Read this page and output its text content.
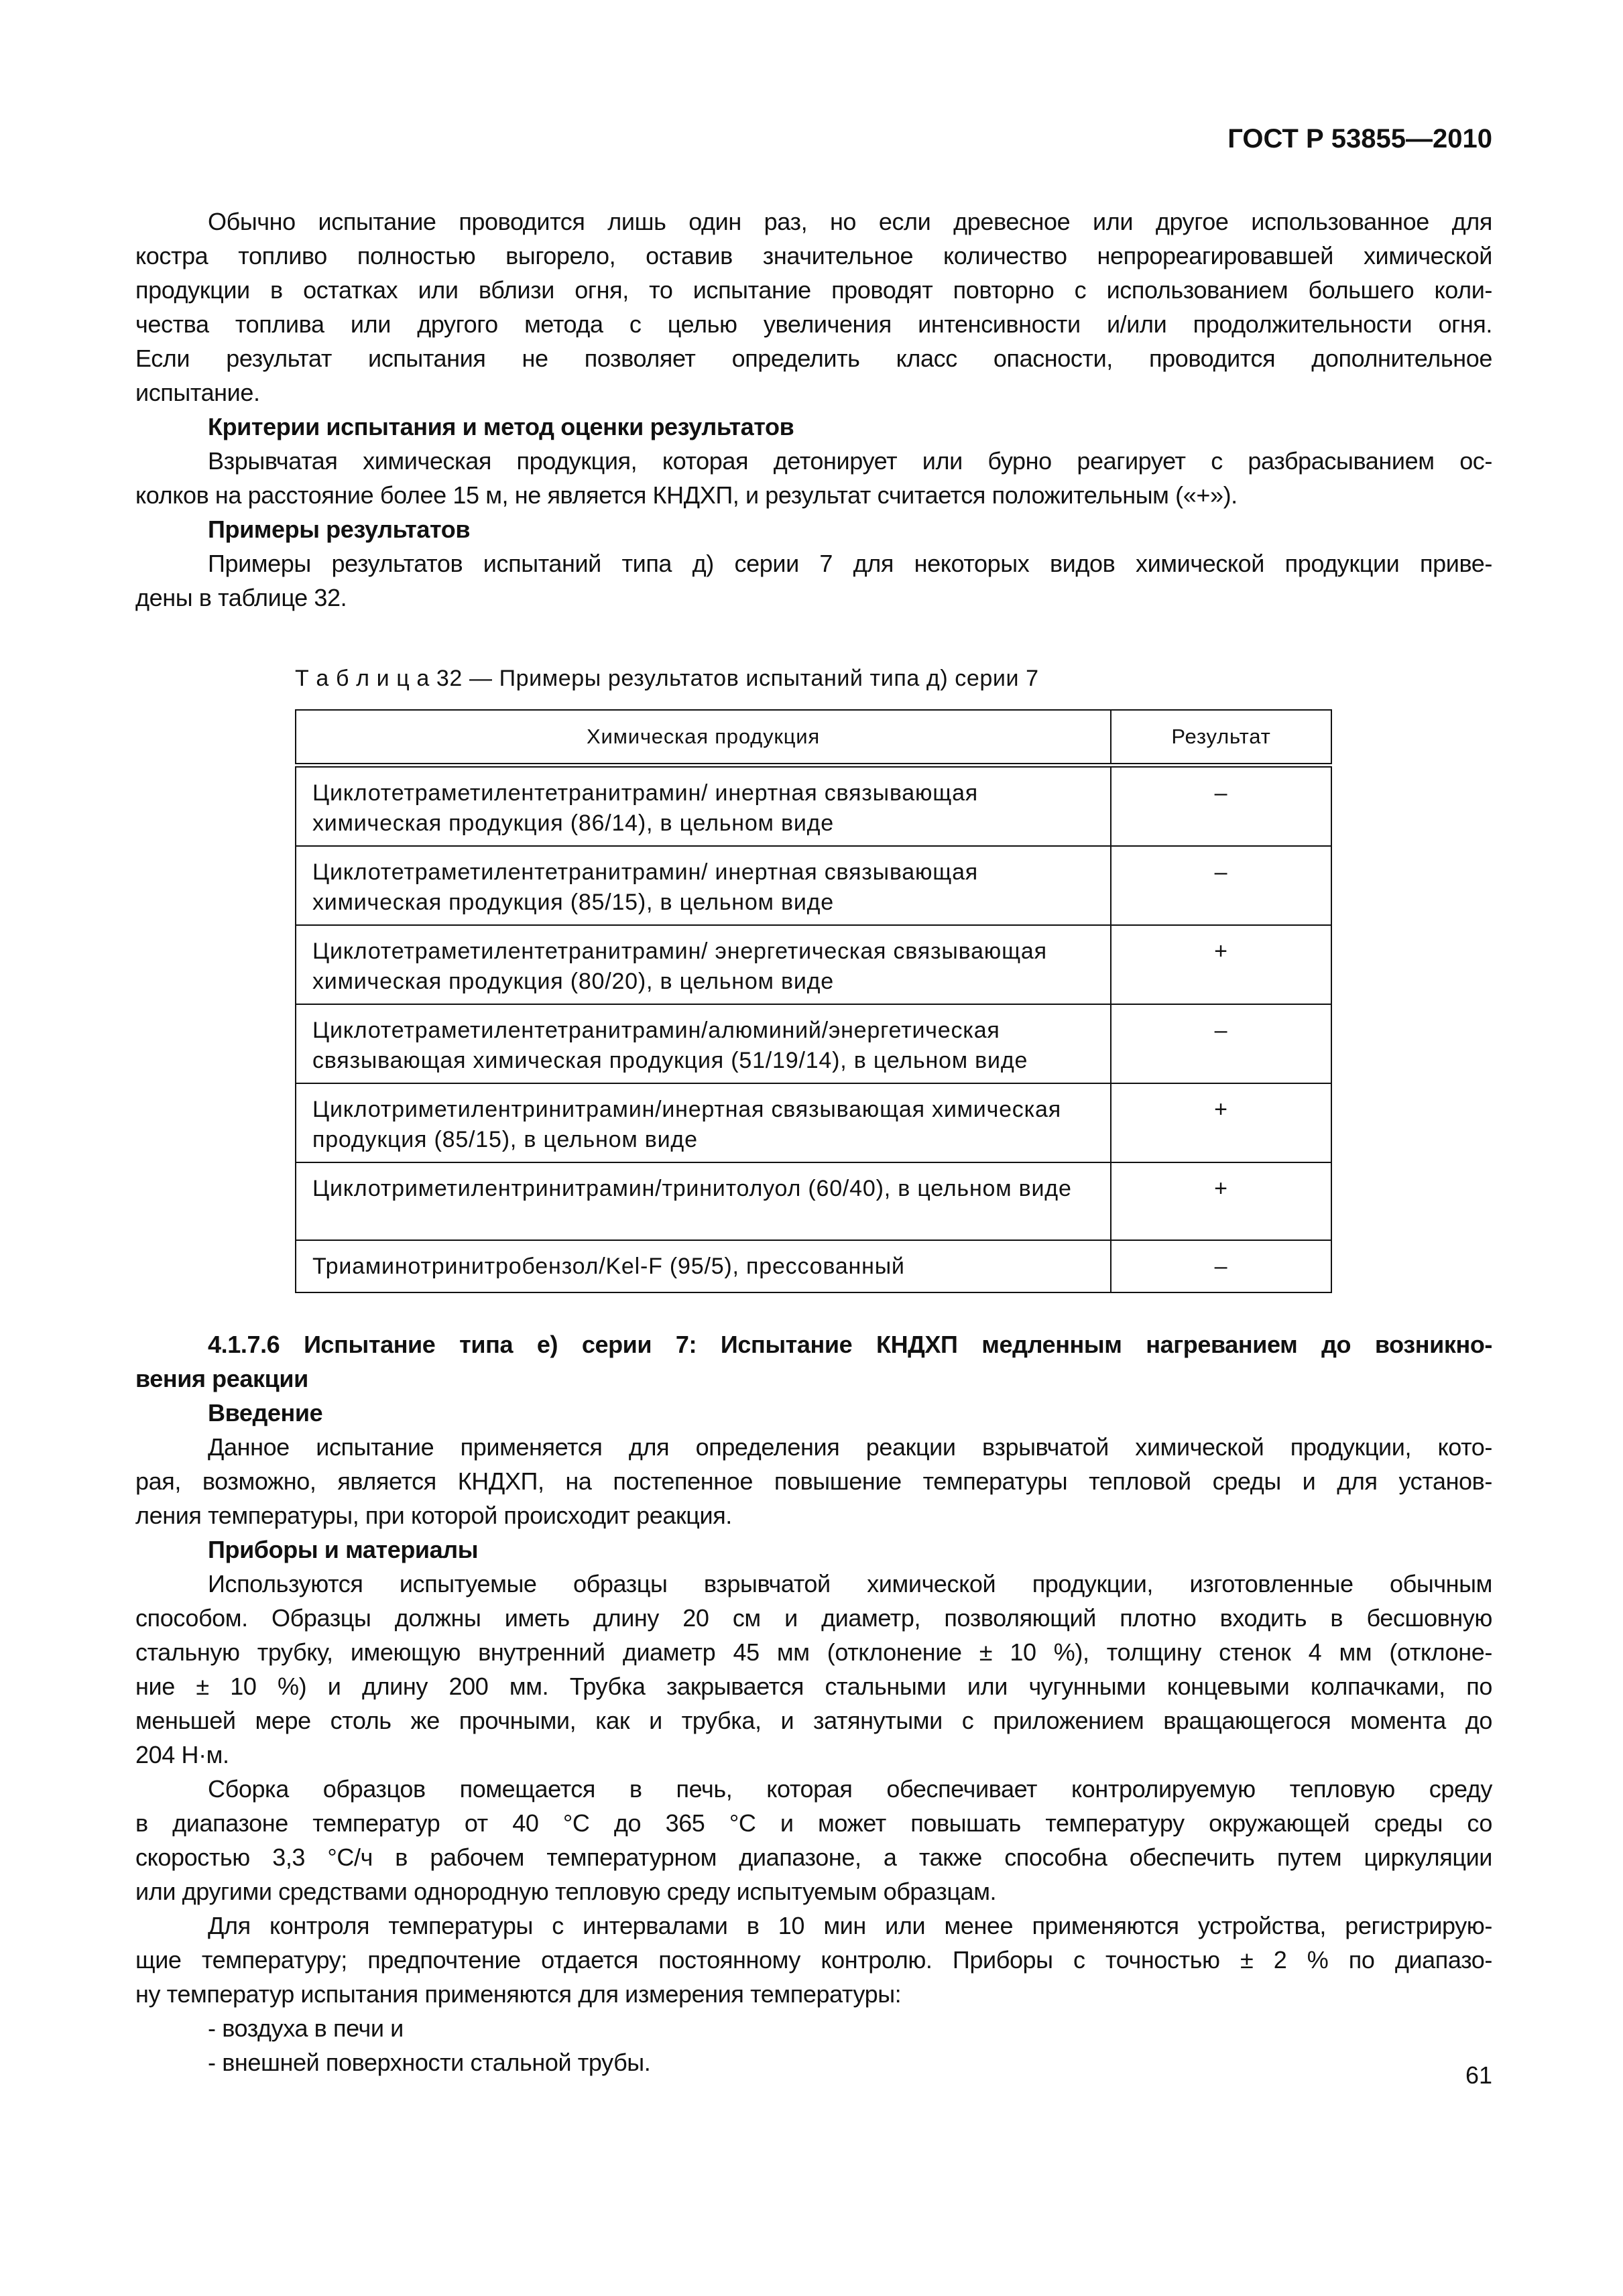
ГОСТ Р 53855—2010
Обычно испытание проводится лишь один раз, но если древесное или другое использованное для
костра топливо полностью выгорело, оставив значительное количество непрореагировавшей химической
продукции в остатках или вблизи огня, то испытание проводят повторно с использованием большего коли-
чества топлива или другого метода с целью увеличения интенсивности и/или продолжительности огня.
Если результат испытания не позволяет определить класс опасности, проводится дополнительное
испытание.
Критерии испытания и метод оценки результатов
Взрывчатая химическая продукция, которая детонирует или бурно реагирует с разбрасыванием ос-
колков на расстояние более 15 м, не является КНДХП, и результат считается положительным («+»).
Примеры результатов
Примеры результатов испытаний типа д) серии 7 для некоторых видов химической продукции приве-
дены в таблице 32.
Т а б л и ц а 32 — Примеры результатов испытаний типа д) серии 7
Химическая продукция	Результат
Циклотетраметилентетранитрамин/ инертная связывающая химическая продукция (86/14), в цельном виде	–
Циклотетраметилентетранитрамин/ инертная связывающая химическая продукция (85/15), в цельном виде	–
Циклотетраметилентетранитрамин/ энергетическая связывающая химическая продукция (80/20), в цельном виде	+
Циклотетраметилентетранитрамин/алюминий/энергетическая связывающая химическая продукция (51/19/14), в цельном виде	–
Циклотриметилентринитрамин/инертная связывающая химическая продукция (85/15), в цельном виде	+
Циклотриметилентринитрамин/тринитолуол (60/40), в цельном виде	+
Триаминотринитробензол/Kel-F (95/5), прессованный	–
4.1.7.6 Испытание типа е) серии 7: Испытание КНДХП медленным нагреванием до возникно-
вения реакции
Введение
Данное испытание применяется для определения реакции взрывчатой химической продукции, кото-
рая, возможно, является КНДХП, на постепенное повышение температуры тепловой среды и для установ-
ления температуры, при которой происходит реакция.
Приборы и материалы
Используются испытуемые образцы взрывчатой химической продукции, изготовленные обычным
способом. Образцы должны иметь длину 20 см и диаметр, позволяющий плотно входить в бесшовную
стальную трубку, имеющую внутренний диаметр 45 мм (отклонение ± 10 %), толщину стенок 4 мм (отклоне-
ние ± 10 %) и длину 200 мм. Трубка закрывается стальными или чугунными концевыми колпачками, по
меньшей мере столь же прочными, как и трубка, и затянутыми с приложением вращающегося момента до
204 Н·м.
Сборка образцов помещается в печь, которая обеспечивает контролируемую тепловую среду
в диапазоне температур от 40 °С до 365 °С и может повышать температуру окружающей среды со
скоростью 3,3 °С/ч в рабочем температурном диапазоне, а также способна обеспечить путем циркуляции
или другими средствами однородную тепловую среду испытуемым образцам.
Для контроля температуры с интервалами в 10 мин или менее применяются устройства, регистрирую-
щие температуру; предпочтение отдается постоянному контролю. Приборы с точностью ± 2 % по диапазо-
ну температур испытания применяются для измерения температуры:
- воздуха в печи и
- внешней поверхности стальной трубы.	61
